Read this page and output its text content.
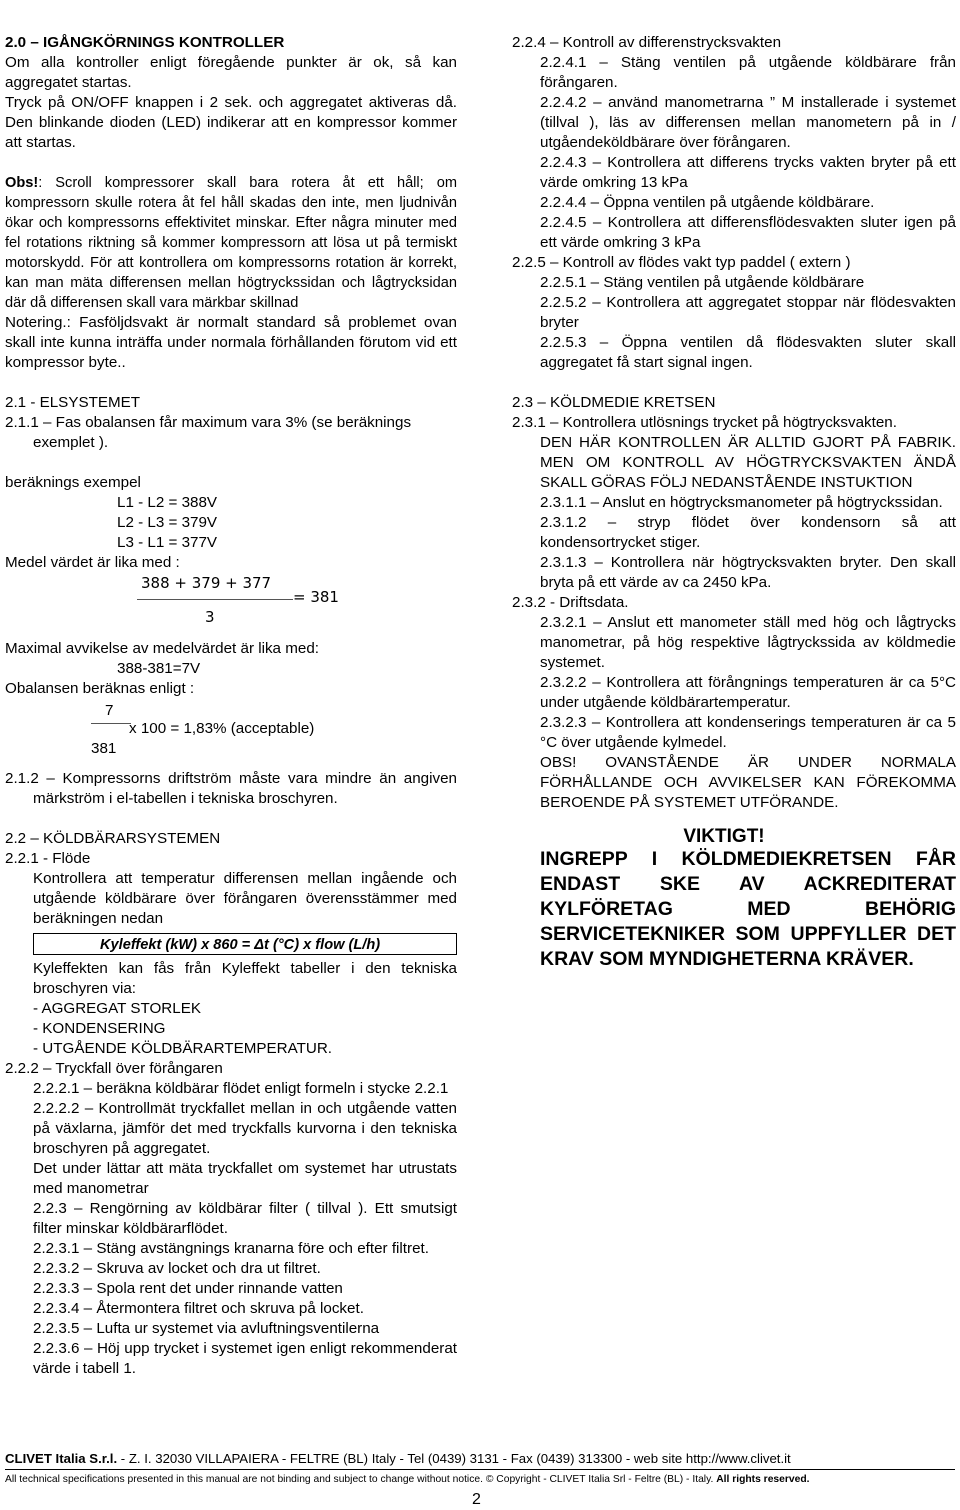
2.0 – IGÅNGKÖRNINGS KONTROLLER

Om alla kontroller enligt föregående punkter är ok, så kan aggregatet startas.

Tryck på ON/OFF knappen i 2 sek. och aggregatet aktiveras då. Den blinkande dioden (LED) indikerar att en kompressor kommer att startas.

Obs!: Scroll kompressorer skall bara rotera åt ett håll; om kompressorn skulle rotera åt fel håll skadas den inte, men ljudnivån ökar och kompressorns effektivitet minskar. Efter några minuter med fel rotations riktning så kommer kompressorn att lösa ut på termiskt motorskydd. För att kontrollera om kompressorns rotation är korrekt, kan man mäta differensen mellan högtryckssidan och lågtrycksidan där då differensen skall vara märkbar skillnad

Notering.: Fasföljdsvakt är normalt standard så problemet ovan skall inte kunna inträffa under normala förhållanden förutom vid ett kompressor byte..

2.1 - ELSYSTEMET

2.1.1 – Fas obalansen får maximum vara 3% (se beräknings exemplet ).

beräknings exempel

L1 - L2 = 388V

L2 - L3 = 379V

L3 - L1 = 377V

Medel värdet är lika med :

388 + 379 + 377
= 381
3

Maximal avvikelse av medelvärdet är lika med:

388-381=7V

Obalansen beräknas enligt :

7
381
x 100 = 1,83% (acceptable)

2.1.2 – Kompressorns driftström måste vara mindre än angiven märkström i el-tabellen i tekniska broschyren.

2.2 – KÖLDBÄRARSYSTEMEN

2.2.1 - Flöde

Kontrollera att temperatur differensen mellan ingående och utgående köldbärare över förångaren överensstämmer med beräkningen nedan

Kyleffekt (kW) x 860 = Δt (°C) x flow (L/h)

Kyleffekten kan fås från Kyleffekt tabeller i den tekniska broschyren via:

- AGGREGAT STORLEK

- KONDENSERING

- UTGÅENDE KÖLDBÄRARTEMPERATUR.

2.2.2 – Tryckfall över förångaren

2.2.2.1 – beräkna köldbärar flödet enligt formeln i stycke 2.2.1

2.2.2.2 – Kontrollmät tryckfallet mellan in och utgående vatten på växlarna, jämför det med tryckfalls kurvorna i den tekniska broschyren på aggregatet.

Det under lättar att mäta tryckfallet om systemet har utrustats med manometrar

2.2.3 – Rengörning av köldbärar filter ( tillval ). Ett smutsigt filter minskar köldbärarflödet.

2.2.3.1 – Stäng avstängnings kranarna före och efter filtret.

2.2.3.2 – Skruva av locket och dra ut filtret.

2.2.3.3 – Spola rent det under rinnande vatten

2.2.3.4 – Återmontera filtret och skruva på locket.

2.2.3.5 – Lufta ur systemet via avluftningsventilerna

2.2.3.6 – Höj upp trycket i systemet igen enligt rekommenderat värde i tabell 1.

2.2.4 – Kontroll av differenstrycksvakten

2.2.4.1 – Stäng ventilen på utgående köldbärare från förångaren.

2.2.4.2 – använd manometrarna ” M installerade i systemet (tillval ), läs av differensen mellan manometern på in / utgåendeköldbärare över förångaren.

2.2.4.3 – Kontrollera att differens trycks vakten bryter på ett värde omkring 13 kPa

2.2.4.4 – Öppna ventilen på utgående köldbärare.

2.2.4.5 – Kontrollera att differensflödesvakten sluter igen på ett värde omkring 3 kPa

2.2.5 – Kontroll av flödes vakt typ paddel ( extern )

2.2.5.1 – Stäng ventilen på utgående köldbärare

2.2.5.2 – Kontrollera att aggregatet stoppar när flödesvakten bryter

2.2.5.3 – Öppna ventilen då flödesvakten sluter skall aggregatet få start signal ingen.

2.3 – KÖLDMEDIE KRETSEN

2.3.1 – Kontrollera utlösnings trycket på högtrycksvakten.

DEN HÄR KONTROLLEN ÄR ALLTID GJORT PÅ FABRIK. MEN OM KONTROLL AV HÖGTRYCKSVAKTEN ÄNDÅ SKALL GÖRAS FÖLJ NEDANSTÅENDE INSTUKTION

2.3.1.1 – Anslut en högtrycksmanometer på högtryckssidan.

2.3.1.2 – stryp flödet över kondensorn så att kondensortrycket stiger.

2.3.1.3 – Kontrollera när högtrycksvakten bryter. Den skall bryta på ett värde av ca 2450 kPa.

2.3.2 - Driftsdata.

2.3.2.1 – Anslut ett manometer ställ med hög och lågtrycks manometrar, på hög respektive lågtryckssida av köldmedie systemet.

2.3.2.2 – Kontrollera att förångnings temperaturen är ca 5°C under utgående köldbärartemperatur.

2.3.2.3 – Kontrollera att kondenserings temperaturen är ca 5 °C över utgående kylmedel.

OBS! OVANSTÅENDE ÄR UNDER NORMALA FÖRHÅLLANDE OCH AVVIKELSER KAN FÖREKOMMA BEROENDE PÅ SYSTEMET UTFÖRANDE.

VIKTIGT!

INGREPP I KÖLDMEDIEKRETSEN FÅR ENDAST SKE AV ACKREDITERAT KYLFÖRETAG MED BEHÖRIG SERVICETEKNIKER SOM UPPFYLLER DET KRAV SOM MYNDIGHETERNA KRÄVER.

CLIVET Italia S.r.l. - Z. I. 32030 VILLAPAIERA - FELTRE (BL) Italy - Tel (0439) 3131 - Fax (0439) 313300 - web site http://www.clivet.it
All technical specifications presented in this manual are not binding and subject to change without notice. © Copyright - CLIVET Italia Srl - Feltre (BL) - Italy. All rights reserved.
2
